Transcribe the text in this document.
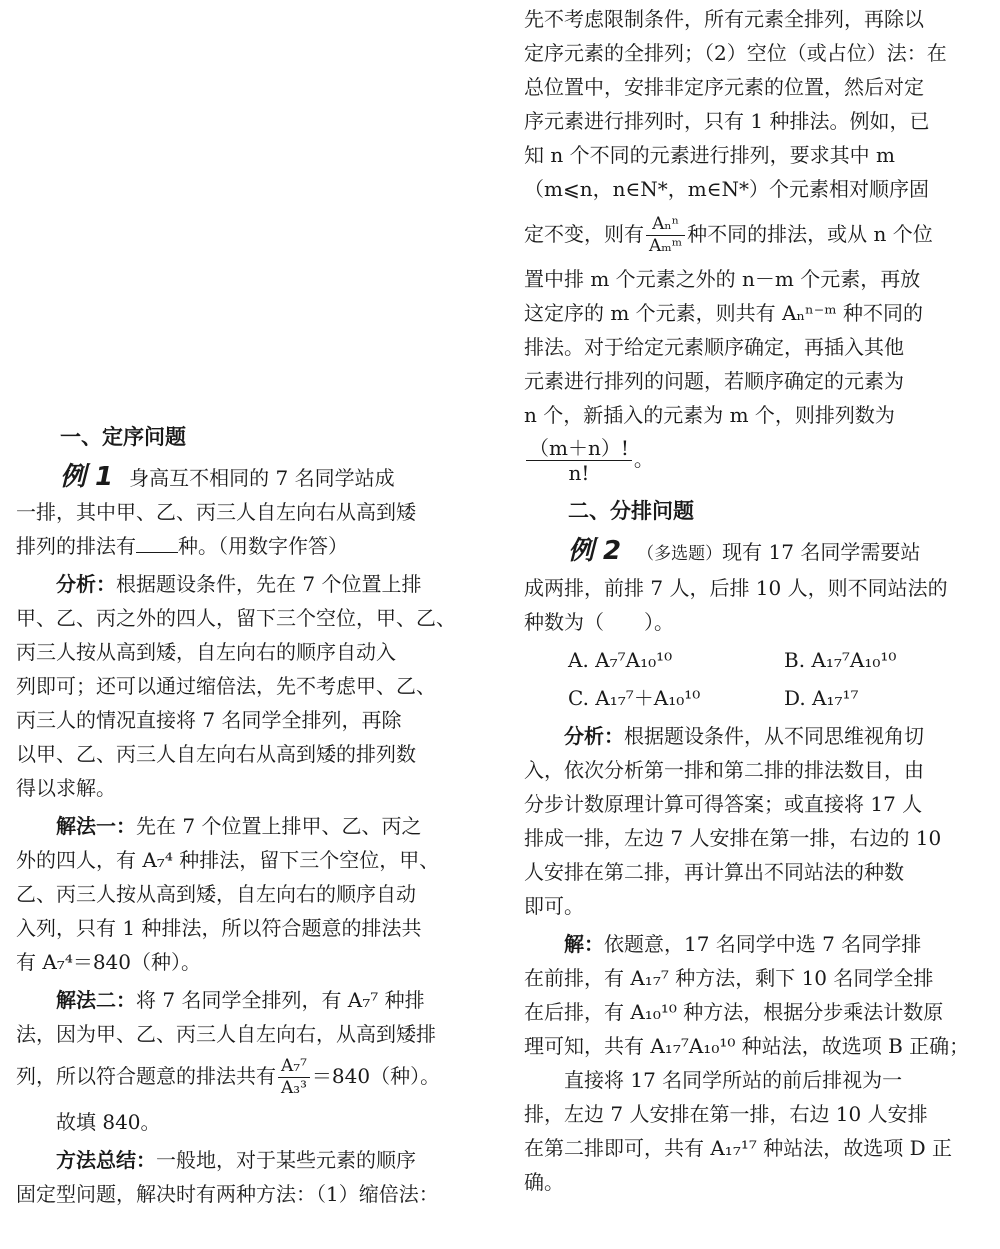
一、定序问题

例 1 身高互不相同的 7 名同学站成

一排，其中甲、乙、丙三人自左向右从高到矮

排列的排法有 种。（用数字作答）

分析：根据题设条件，先在 7 个位置上排

甲、乙、丙之外的四人，留下三个空位，甲、乙、

丙三人按从高到矮，自左向右的顺序自动入

列即可；还可以通过缩倍法，先不考虑甲、乙、

丙三人的情况直接将 7 名同学全排列，再除

以甲、乙、丙三人自左向右从高到矮的排列数

得以求解。

解法一：先在 7 个位置上排甲、乙、丙之

外的四人，有 A₇⁴ 种排法，留下三个空位，甲、

乙、丙三人按从高到矮，自左向右的顺序自动

入列，只有 1 种排法，所以符合题意的排法共

有 A₇⁴＝840（种）。

解法二：将 7 名同学全排列，有 A₇⁷ 种排

法，因为甲、乙、丙三人自左向右，从高到矮排

列，所以符合题意的排法共有 $\frac{\text{A₇⁷}}{\text{A₃³}} =840$（种）。

故填 840。

方法总结：一般地，对于某些元素的顺序

固定型问题，解决时有两种方法：（1）缩倍法：

先不考虑限制条件，所有元素全排列，再除以

定序元素的全排列；（2）空位（或占位）法：在

总位置中，安排非定序元素的位置，然后对定

序元素进行排列时，只有 1 种排法。例如，已

知 n 个不同的元素进行排列，要求其中 m

（m⩽n，n∈N*，m∈N*）个元素相对顺序固

定不变，则有 $\frac{\text{Aₙⁿ}}{\text{Aₘᵐ}}$ 种不同的排法，或从 n 个位

置中排 m 个元素之外的 n－m 个元素，再放

这定序的 m 个元素，则共有 Aₙⁿ⁻ᵐ 种不同的

排法。对于给定元素顺序确定，再插入其他

元素进行排列的问题，若顺序确定的元素为

n 个，新插入的元素为 m 个，则排列数为

$\frac{(m+n)!}{n!}$ 。

二、分排问题

例 2 （多选题）现有 17 名同学需要站

成两排，前排 7 人，后排 10 人，则不同站法的

种数为（　　）。

A. A₇⁷A₁₀¹⁰	B. A₁₇⁷A₁₀¹⁰
C. A₁₇⁷＋A₁₀¹⁰	D. A₁₇¹⁷

分析：根据题设条件，从不同思维视角切

入，依次分析第一排和第二排的排法数目，由

分步计数原理计算可得答案；或直接将 17 人

排成一排，左边 7 人安排在第一排，右边的 10

人安排在第二排，再计算出不同站法的种数

即可。

解：依题意，17 名同学中选 7 名同学排

在前排，有 A₁₇⁷ 种方法，剩下 10 名同学全排

在后排，有 A₁₀¹⁰ 种方法，根据分步乘法计数原

理可知，共有 A₁₇⁷A₁₀¹⁰ 种站法，故选项 B 正确；

直接将 17 名同学所站的前后排视为一

排，左边 7 人安排在第一排，右边 10 人安排

在第二排即可，共有 A₁₇¹⁷ 种站法，故选项 D 正

确。
